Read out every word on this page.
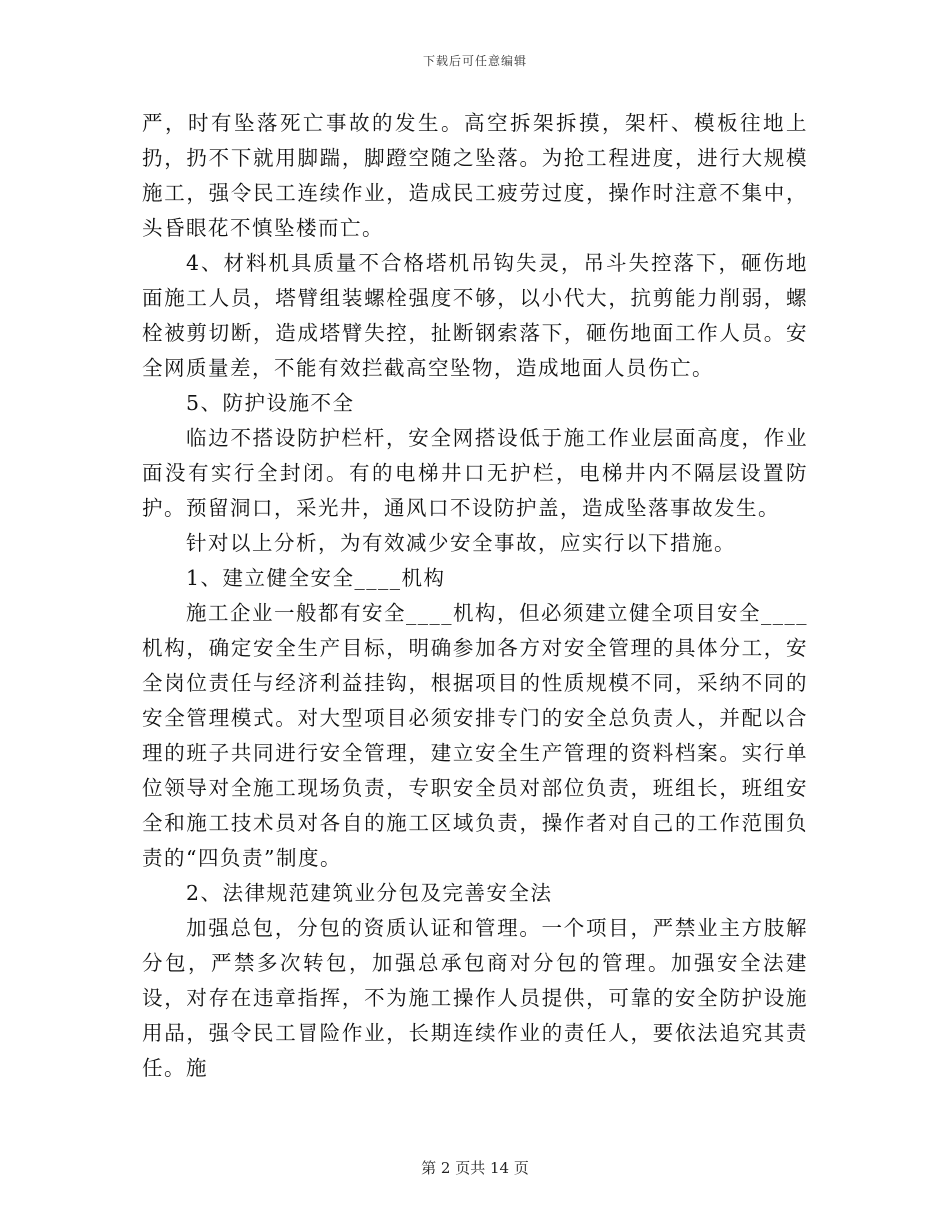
下载后可任意编辑

严，时有坠落死亡事故的发生。高空拆架拆摸，架杆、模板往地上扔，扔不下就用脚踹，脚蹬空随之坠落。为抢工程进度，进行大规模施工，强令民工连续作业，造成民工疲劳过度，操作时注意不集中，头昏眼花不慎坠楼而亡。

4、材料机具质量不合格塔机吊钩失灵，吊斗失控落下，砸伤地面施工人员，塔臂组装螺栓强度不够，以小代大，抗剪能力削弱，螺栓被剪切断，造成塔臂失控，扯断钢索落下，砸伤地面工作人员。安全网质量差，不能有效拦截高空坠物，造成地面人员伤亡。

5、防护设施不全

临边不搭设防护栏杆，安全网搭设低于施工作业层面高度，作业面没有实行全封闭。有的电梯井口无护栏，电梯井内不隔层设置防护。预留洞口，采光井，通风口不设防护盖，造成坠落事故发生。

针对以上分析，为有效减少安全事故，应实行以下措施。

1、建立健全安全____机构

施工企业一般都有安全____机构，但必须建立健全项目安全____机构，确定安全生产目标，明确参加各方对安全管理的具体分工，安全岗位责任与经济利益挂钩，根据项目的性质规模不同，采纳不同的安全管理模式。对大型项目必须安排专门的安全总负责人，并配以合理的班子共同进行安全管理，建立安全生产管理的资料档案。实行单位领导对全施工现场负责，专职安全员对部位负责，班组长，班组安全和施工技术员对各自的施工区域负责，操作者对自己的工作范围负责的“四负责”制度。

2、法律规范建筑业分包及完善安全法

加强总包，分包的资质认证和管理。一个项目，严禁业主方肢解分包，严禁多次转包，加强总承包商对分包的管理。加强安全法建设，对存在违章指挥，不为施工操作人员提供，可靠的安全防护设施用品，强令民工冒险作业，长期连续作业的责任人，要依法追究其责任。施

第 2 页共 14 页
